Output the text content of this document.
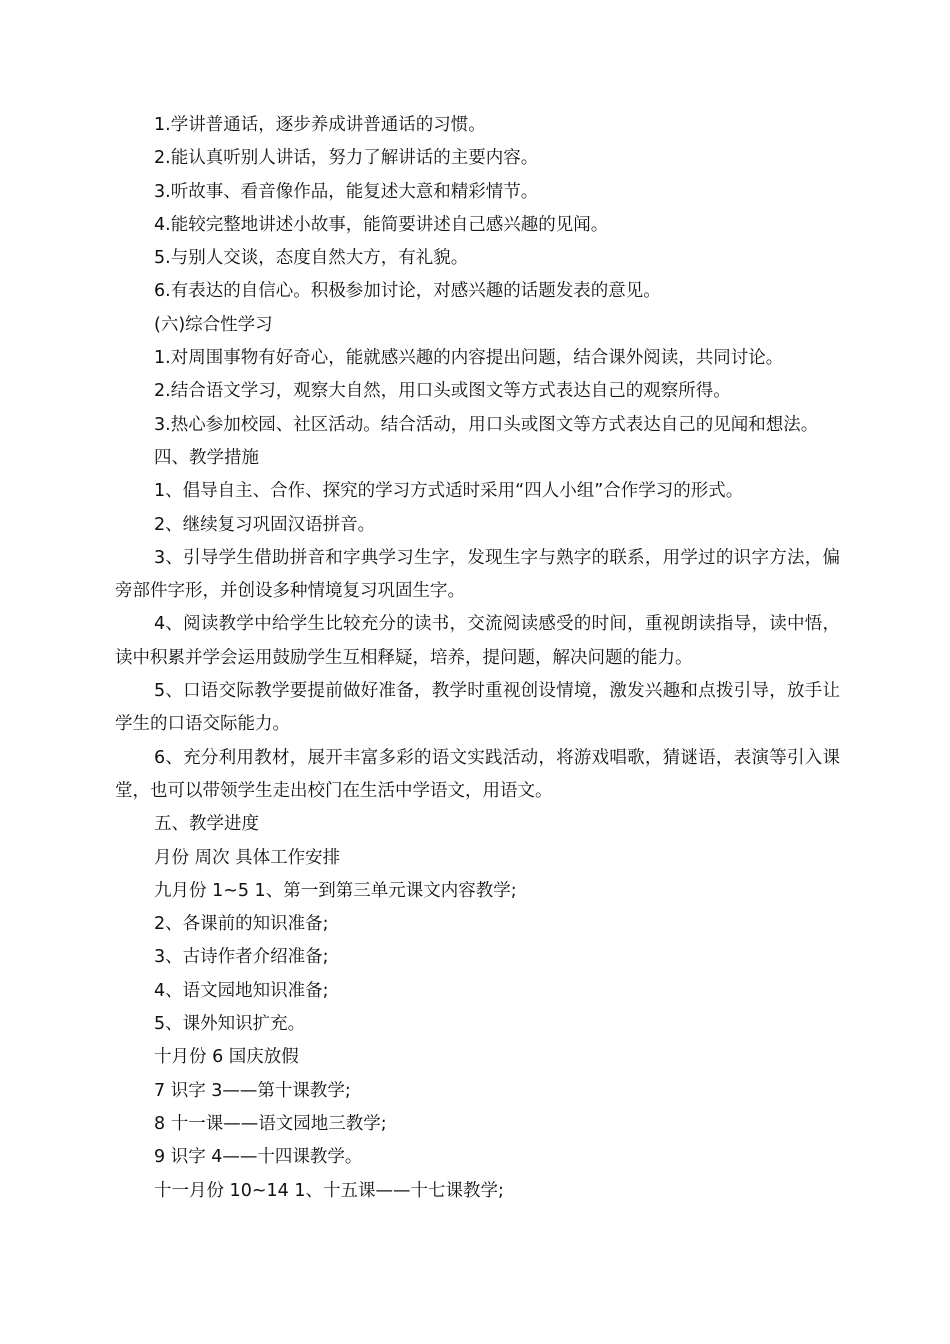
1.学讲普通话，逐步养成讲普通话的习惯。

2.能认真听别人讲话，努力了解讲话的主要内容。

3.听故事、看音像作品，能复述大意和精彩情节。

4.能较完整地讲述小故事，能简要讲述自己感兴趣的见闻。

5.与别人交谈，态度自然大方，有礼貌。

6.有表达的自信心。积极参加讨论，对感兴趣的话题发表的意见。

(六)综合性学习

1.对周围事物有好奇心，能就感兴趣的内容提出问题，结合课外阅读，共同讨论。

2.结合语文学习，观察大自然，用口头或图文等方式表达自己的观察所得。

3.热心参加校园、社区活动。结合活动，用口头或图文等方式表达自己的见闻和想法。

四、教学措施

1、倡导自主、合作、探究的学习方式适时采用“四人小组”合作学习的形式。

2、继续复习巩固汉语拼音。

3、引导学生借助拼音和字典学习生字，发现生字与熟字的联系，用学过的识字方法，偏旁部件字形，并创设多种情境复习巩固生字。

4、阅读教学中给学生比较充分的读书，交流阅读感受的时间，重视朗读指导，读中悟，读中积累并学会运用鼓励学生互相释疑，培养，提问题，解决问题的能力。

5、口语交际教学要提前做好准备，教学时重视创设情境，激发兴趣和点拨引导，放手让学生的口语交际能力。

6、充分利用教材，展开丰富多彩的语文实践活动，将游戏唱歌，猜谜语，表演等引入课堂，也可以带领学生走出校门在生活中学语文，用语文。

五、教学进度

月份 周次 具体工作安排

九月份 1~5 1、第一到第三单元课文内容教学;

2、各课前的知识准备;

3、古诗作者介绍准备;

4、语文园地知识准备;

5、课外知识扩充。

十月份 6 国庆放假

7 识字 3——第十课教学;

8 十一课——语文园地三教学;

9 识字 4——十四课教学。

十一月份 10~14 1、十五课——十七课教学;
